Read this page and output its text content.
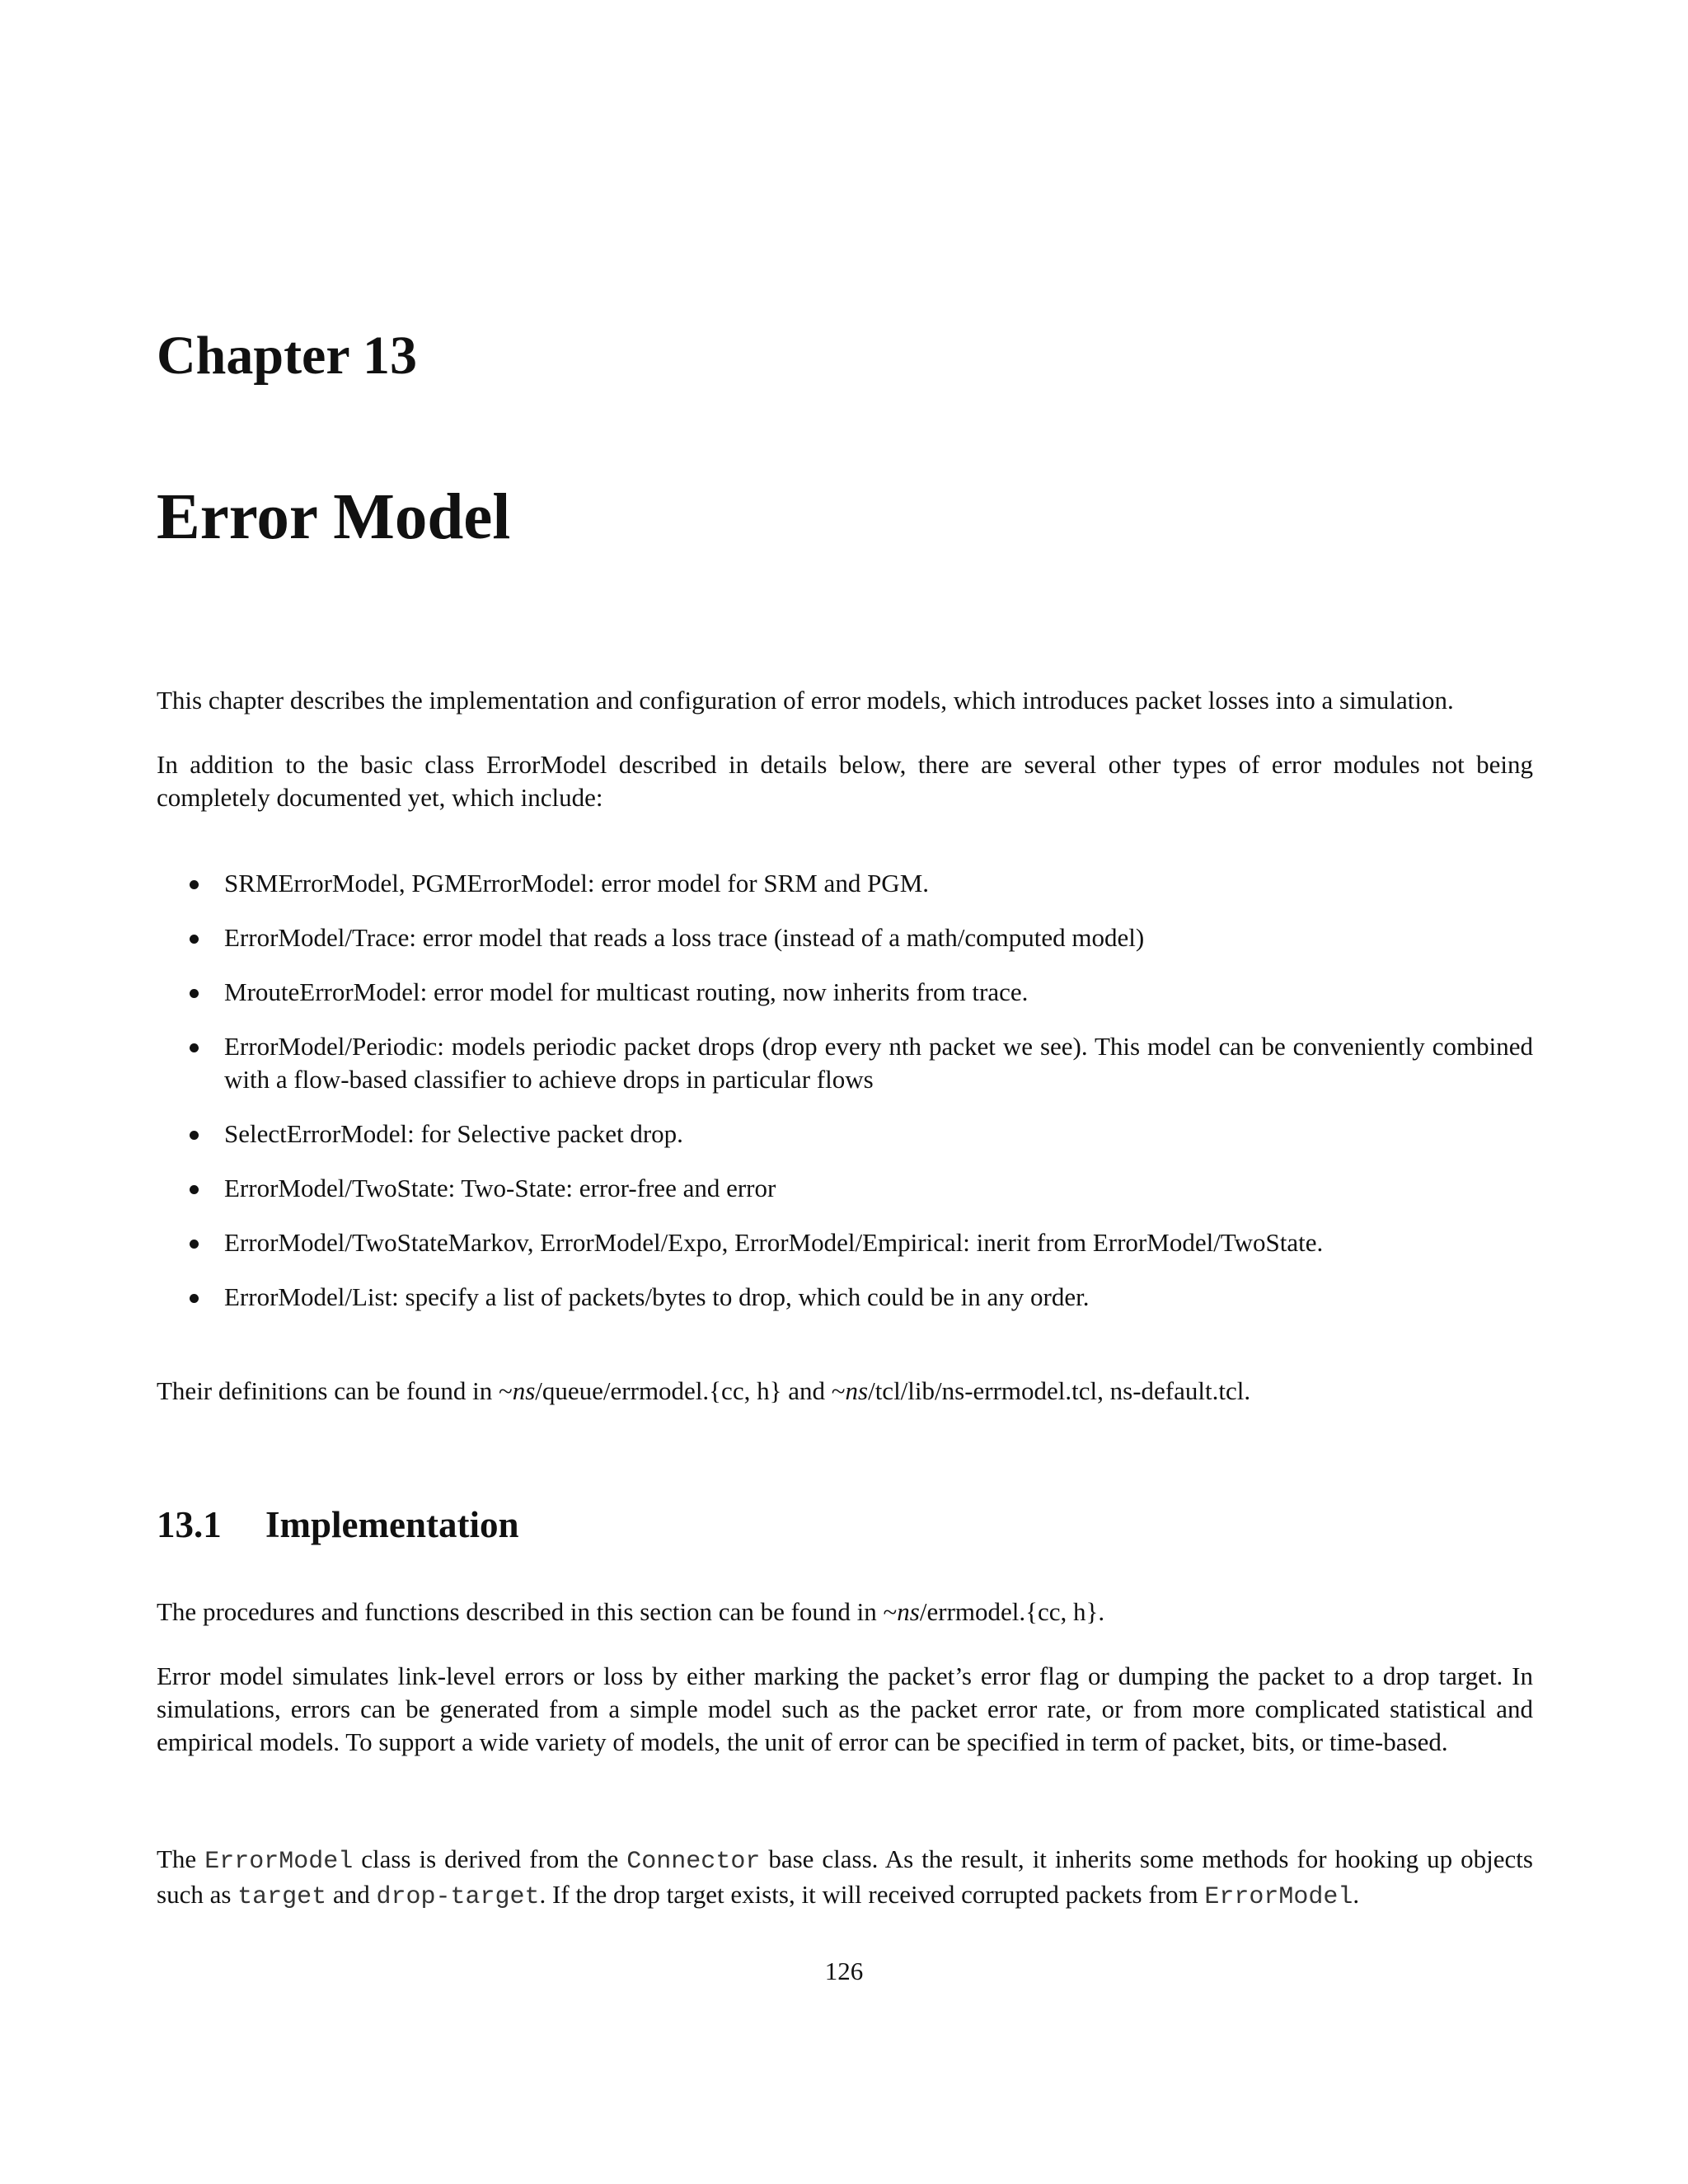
Chapter 13
Error Model

This chapter describes the implementation and configuration of error models, which introduces packet losses into a simulation.

In addition to the basic class ErrorModel described in details below, there are several other types of error modules not being completely documented yet, which include:

SRMErrorModel, PGMErrorModel: error model for SRM and PGM.
ErrorModel/Trace: error model that reads a loss trace (instead of a math/computed model)
MrouteErrorModel: error model for multicast routing, now inherits from trace.
ErrorModel/Periodic: models periodic packet drops (drop every nth packet we see). This model can be conveniently combined with a flow-based classifier to achieve drops in particular flows
SelectErrorModel: for Selective packet drop.
ErrorModel/TwoState: Two-State: error-free and error
ErrorModel/TwoStateMarkov, ErrorModel/Expo, ErrorModel/Empirical: inerit from ErrorModel/TwoState.
ErrorModel/List: specify a list of packets/bytes to drop, which could be in any order.

Their definitions can be found in ~ns/queue/errmodel.{cc, h} and ~ns/tcl/lib/ns-errmodel.tcl, ns-default.tcl.

13.1 Implementation

The procedures and functions described in this section can be found in ~ns/errmodel.{cc, h}.

Error model simulates link-level errors or loss by either marking the packet’s error flag or dumping the packet to a drop target. In simulations, errors can be generated from a simple model such as the packet error rate, or from more complicated statistical and empirical models. To support a wide variety of models, the unit of error can be specified in term of packet, bits, or time-based.

The ErrorModel class is derived from the Connector base class. As the result, it inherits some methods for hooking up objects such as target and drop-target. If the drop target exists, it will received corrupted packets from ErrorModel.

126
